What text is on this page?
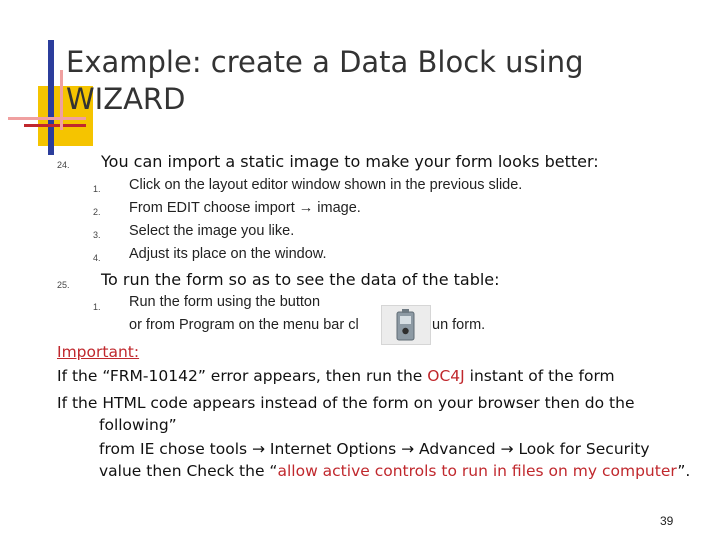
Example: create a Data Block using WIZARD
24. You can import a static image to make your form looks better:
1. Click on the layout editor window shown in the previous slide.
2. From EDIT choose import → image.
3. Select the image you like.
4. Adjust its place on the window.
25. To run the form so as to see the data of the table:
1. Run the form using the button
or from Program on the menu bar cl	un form.
Important:
If the “FRM-10142” error appears, then run the OC4J instant of the form
If the HTML code appears instead of the form on your browser then do the
following”
from IE chose tools → Internet Options → Advanced → Look for Security
value then Check the “allow active controls to run in files on my computer”.
39
